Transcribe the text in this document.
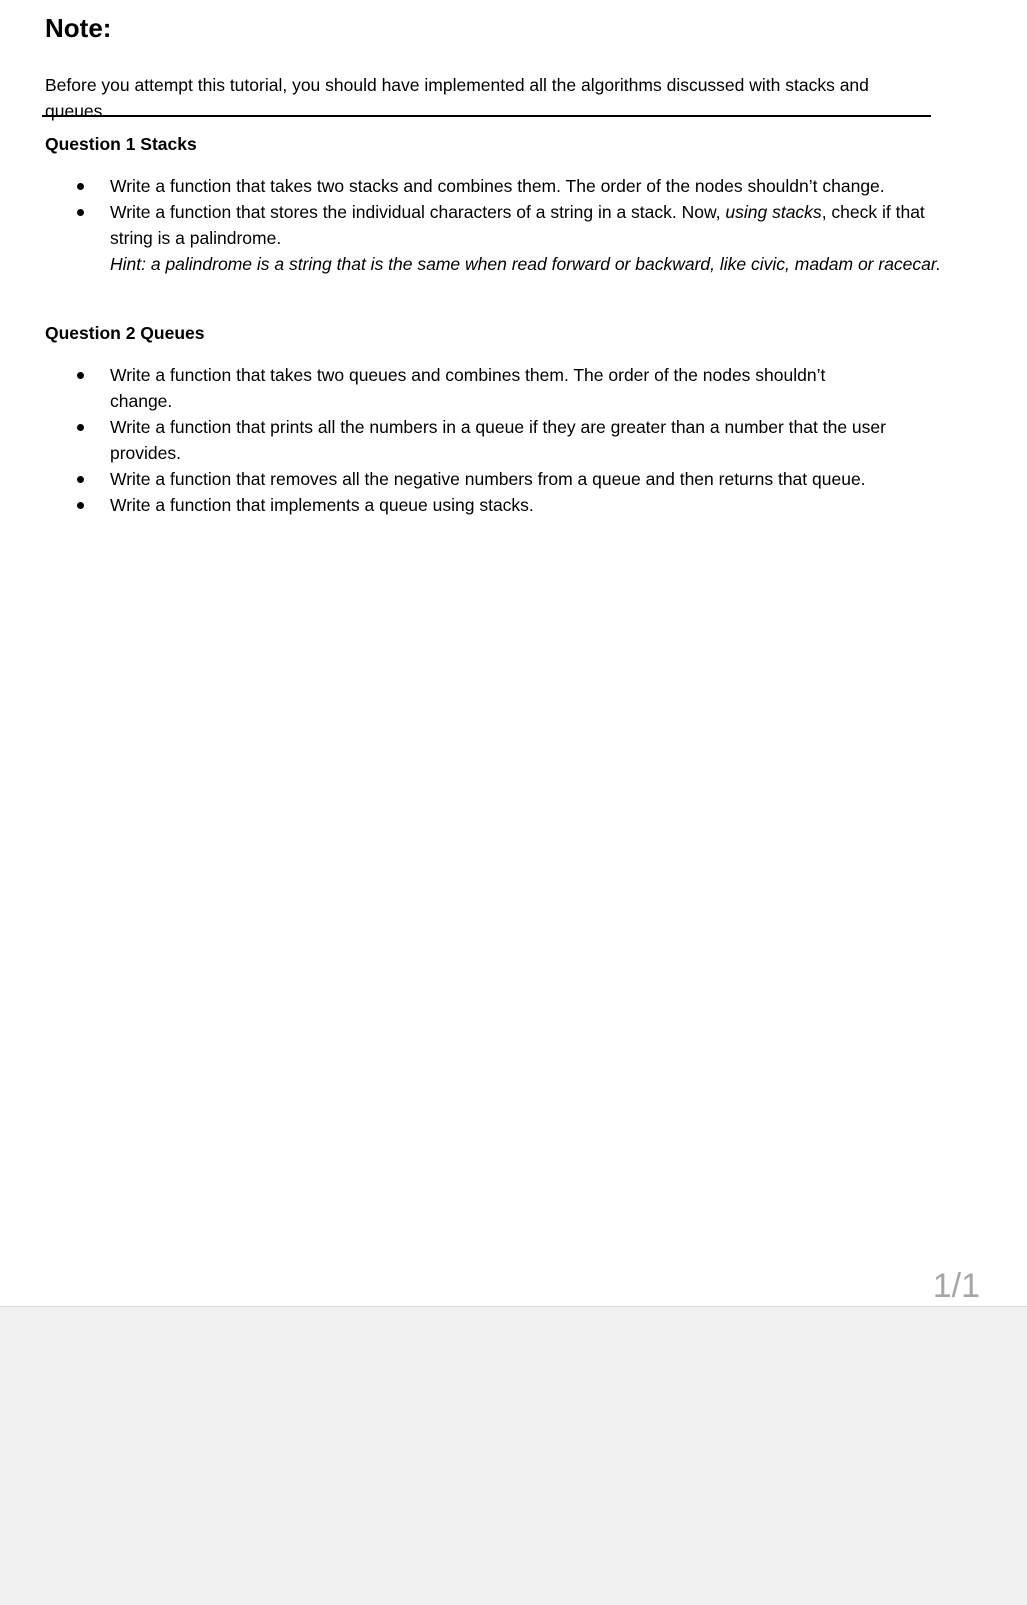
Note:

Before you attempt this tutorial, you should have implemented all the algorithms discussed with stacks and queues.

Question 1 Stacks

Write a function that takes two stacks and combines them. The order of the nodes shouldn’t change.
Write a function that stores the individual characters of a string in a stack. Now, using stacks, check if that string is a palindrome.
Hint: a palindrome is a string that is the same when read forward or backward, like civic, madam or racecar.

Question 2 Queues

Write a function that takes two queues and combines them. The order of the nodes shouldn’t change.
Write a function that prints all the numbers in a queue if they are greater than a number that the user provides.
Write a function that removes all the negative numbers from a queue and then returns that queue.
Write a function that implements a queue using stacks.
1/1
